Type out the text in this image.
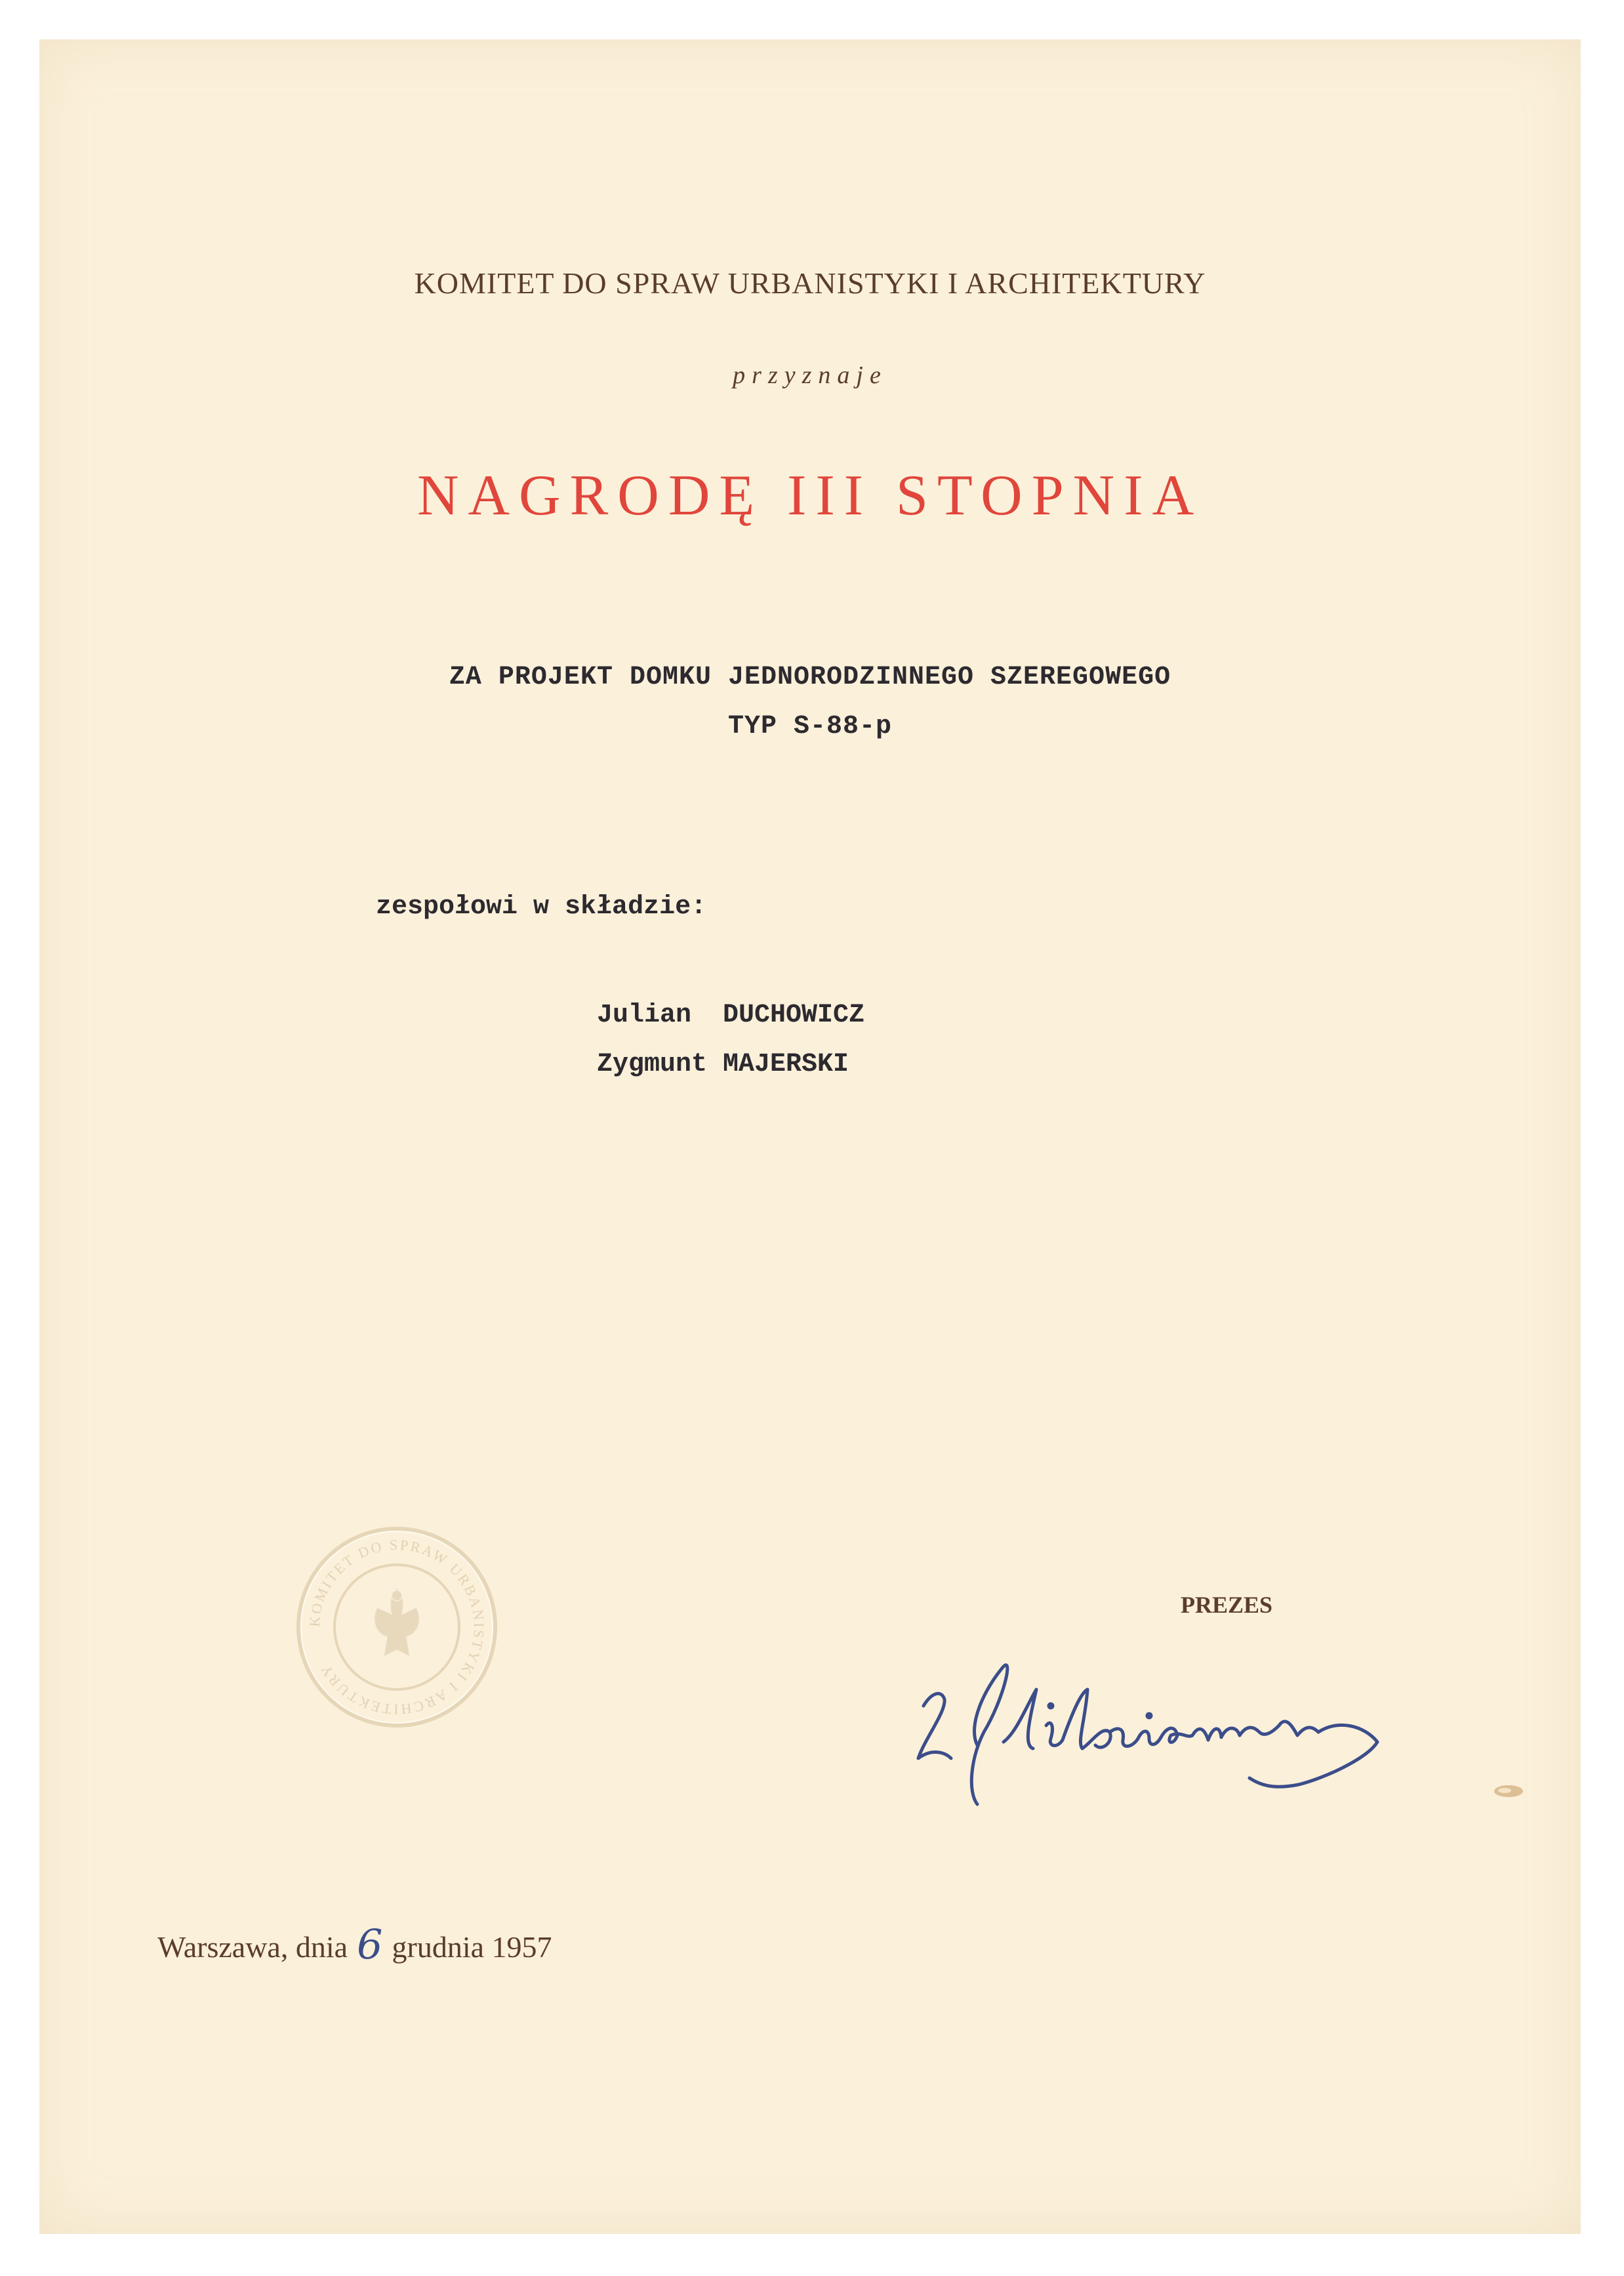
KOMITET DO SPRAW URBANISTYKI I ARCHITEKTURY
przyznaje
NAGRODĘ III STOPNIA
ZA PROJEKT DOMKU JEDNORODZINNEGO SZEREGOWEGO
TYP S-88-p
zespołowi w składzie:
Julian  DUCHOWICZ
Zygmunt MAJERSKI
KOMITET DO SPRAW URBANISTYKI I ARCHITEKTURY
PREZES
Warszawa, dnia 6 grudnia 1957
